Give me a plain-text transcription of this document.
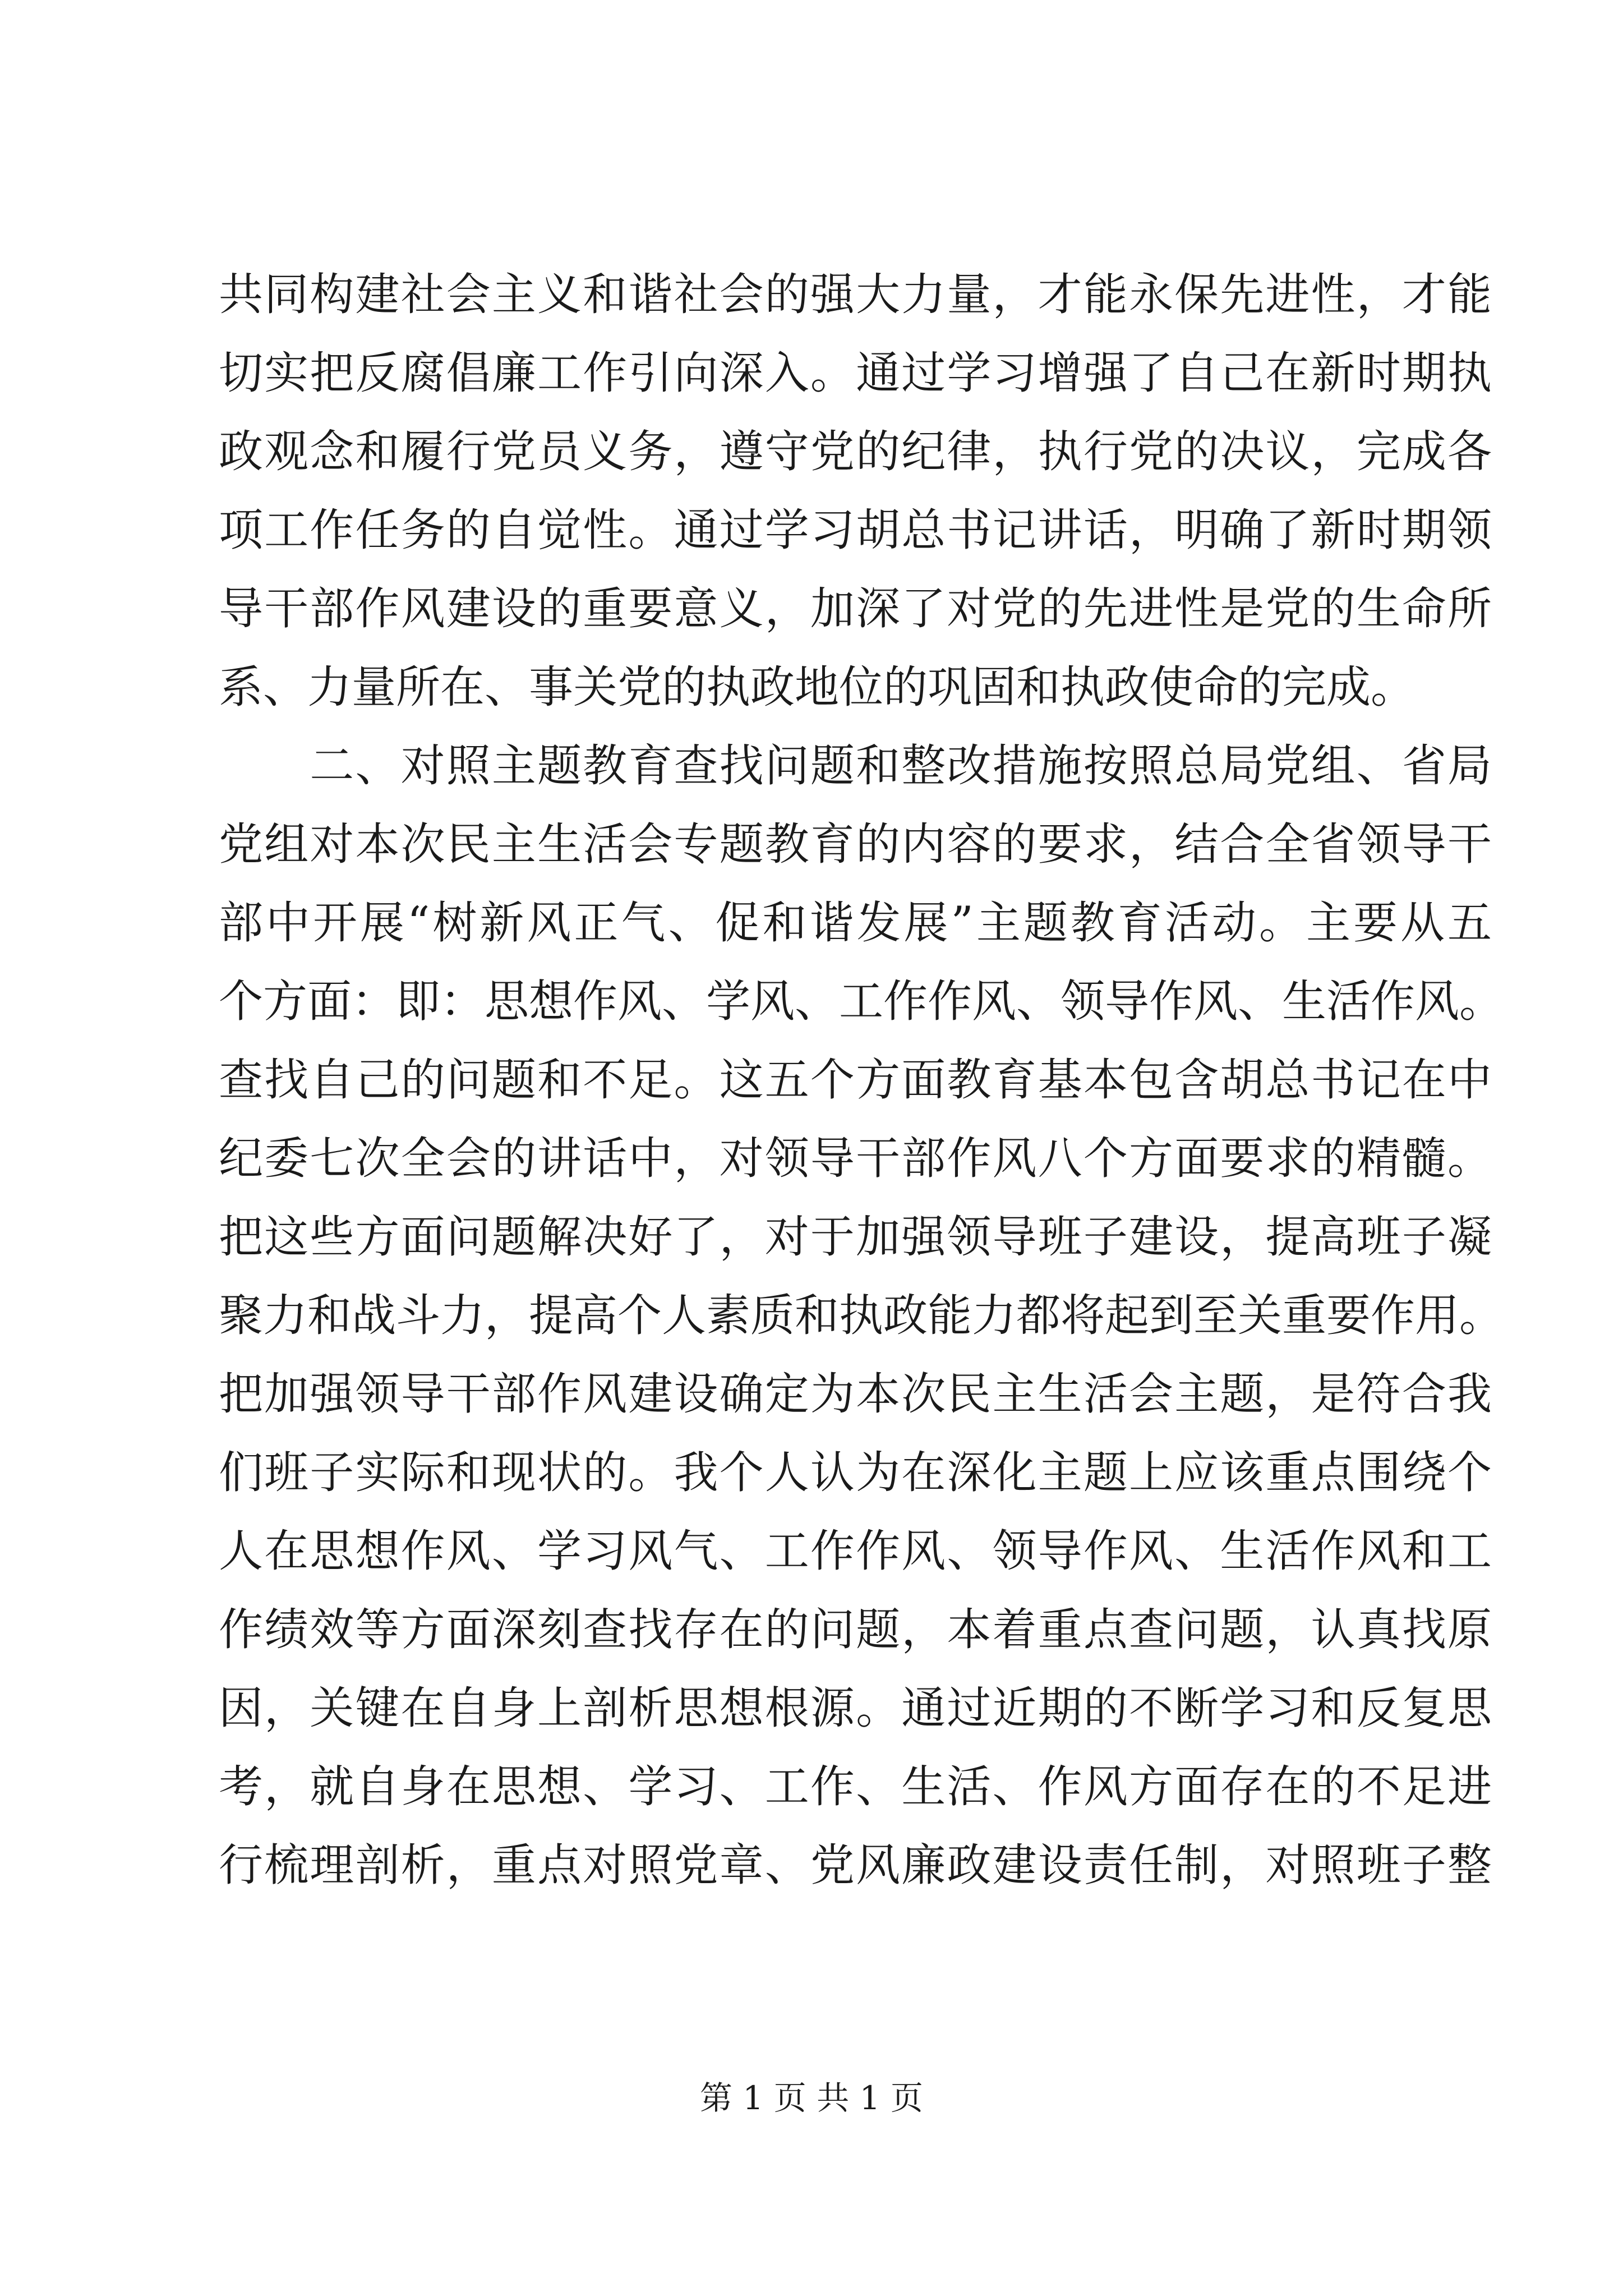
共同构建社会主义和谐社会的强大力量，才能永保先进性，才能
切实把反腐倡廉工作引向深入。通过学习增强了自己在新时期执
政观念和履行党员义务，遵守党的纪律，执行党的决议，完成各
项工作任务的自觉性。通过学习胡总书记讲话，明确了新时期领
导干部作风建设的重要意义，加深了对党的先进性是党的生命所
系、力量所在、事关党的执政地位的巩固和执政使命的完成。
　　二、对照主题教育查找问题和整改措施按照总局党组、省局
党组对本次民主生活会专题教育的内容的要求，结合全省领导干
部中开展“树新风正气、促和谐发展”主题教育活动。主要从五
个方面：即：思想作风、学风、工作作风、领导作风、生活作风。
查找自己的问题和不足。这五个方面教育基本包含胡总书记在中
纪委七次全会的讲话中，对领导干部作风八个方面要求的精髓。
把这些方面问题解决好了，对于加强领导班子建设，提高班子凝
聚力和战斗力，提高个人素质和执政能力都将起到至关重要作用。
把加强领导干部作风建设确定为本次民主生活会主题，是符合我
们班子实际和现状的。我个人认为在深化主题上应该重点围绕个
人在思想作风、学习风气、工作作风、领导作风、生活作风和工
作绩效等方面深刻查找存在的问题，本着重点查问题，认真找原
因，关键在自身上剖析思想根源。通过近期的不断学习和反复思
考，就自身在思想、学习、工作、生活、作风方面存在的不足进
行梳理剖析，重点对照党章、党风廉政建设责任制，对照班子整
第 1 页 共 1 页
